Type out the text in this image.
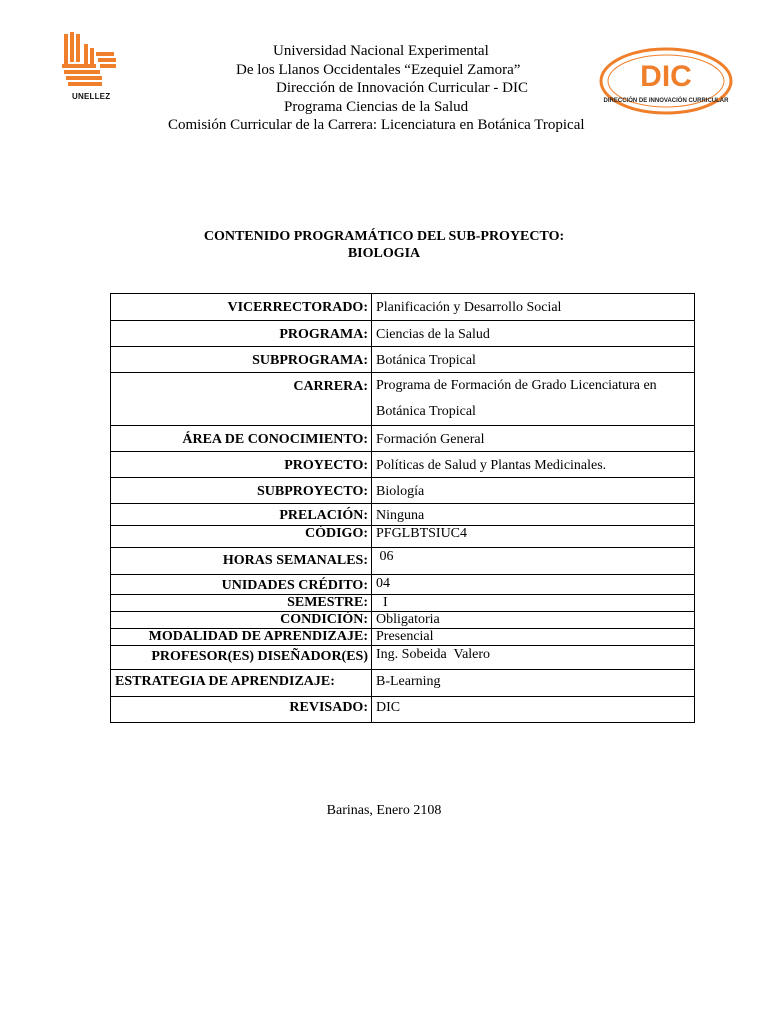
UNELLEZ
DIC
DIRECCIÓN DE INNOVACIÓN CURRICULAR
Universidad Nacional Experimental
De los Llanos Occidentales “Ezequiel Zamora”
Dirección de Innovación Curricular - DIC
Programa Ciencias de la Salud
Comisión Curricular de la Carrera: Licenciatura en Botánica Tropical
CONTENIDO PROGRAMÁTICO DEL SUB-PROYECTO:
BIOLOGIA
VICERRECTORADO:	Planificación y Desarrollo Social
PROGRAMA:	Ciencias de la Salud
SUBPROGRAMA:	Botánica Tropical
CARRERA:	Programa de Formación de Grado Licenciatura en Botánica Tropical
ÁREA DE CONOCIMIENTO:	Formación General
PROYECTO:	Políticas de Salud y Plantas Medicinales.
SUBPROYECTO:	Biología
PRELACIÓN:	Ninguna
CÓDIGO:	PFGLBTSIUC4
HORAS SEMANALES:	06
UNIDADES CRÉDITO:	04
SEMESTRE:	I
CONDICIÓN:	Obligatoria
MODALIDAD DE APRENDIZAJE:	Presencial
PROFESOR(ES) DISEÑADOR(ES)	Ing. Sobeida  Valero
ESTRATEGIA DE APRENDIZAJE:	B-Learning
REVISADO:	DIC
Barinas, Enero 2108
